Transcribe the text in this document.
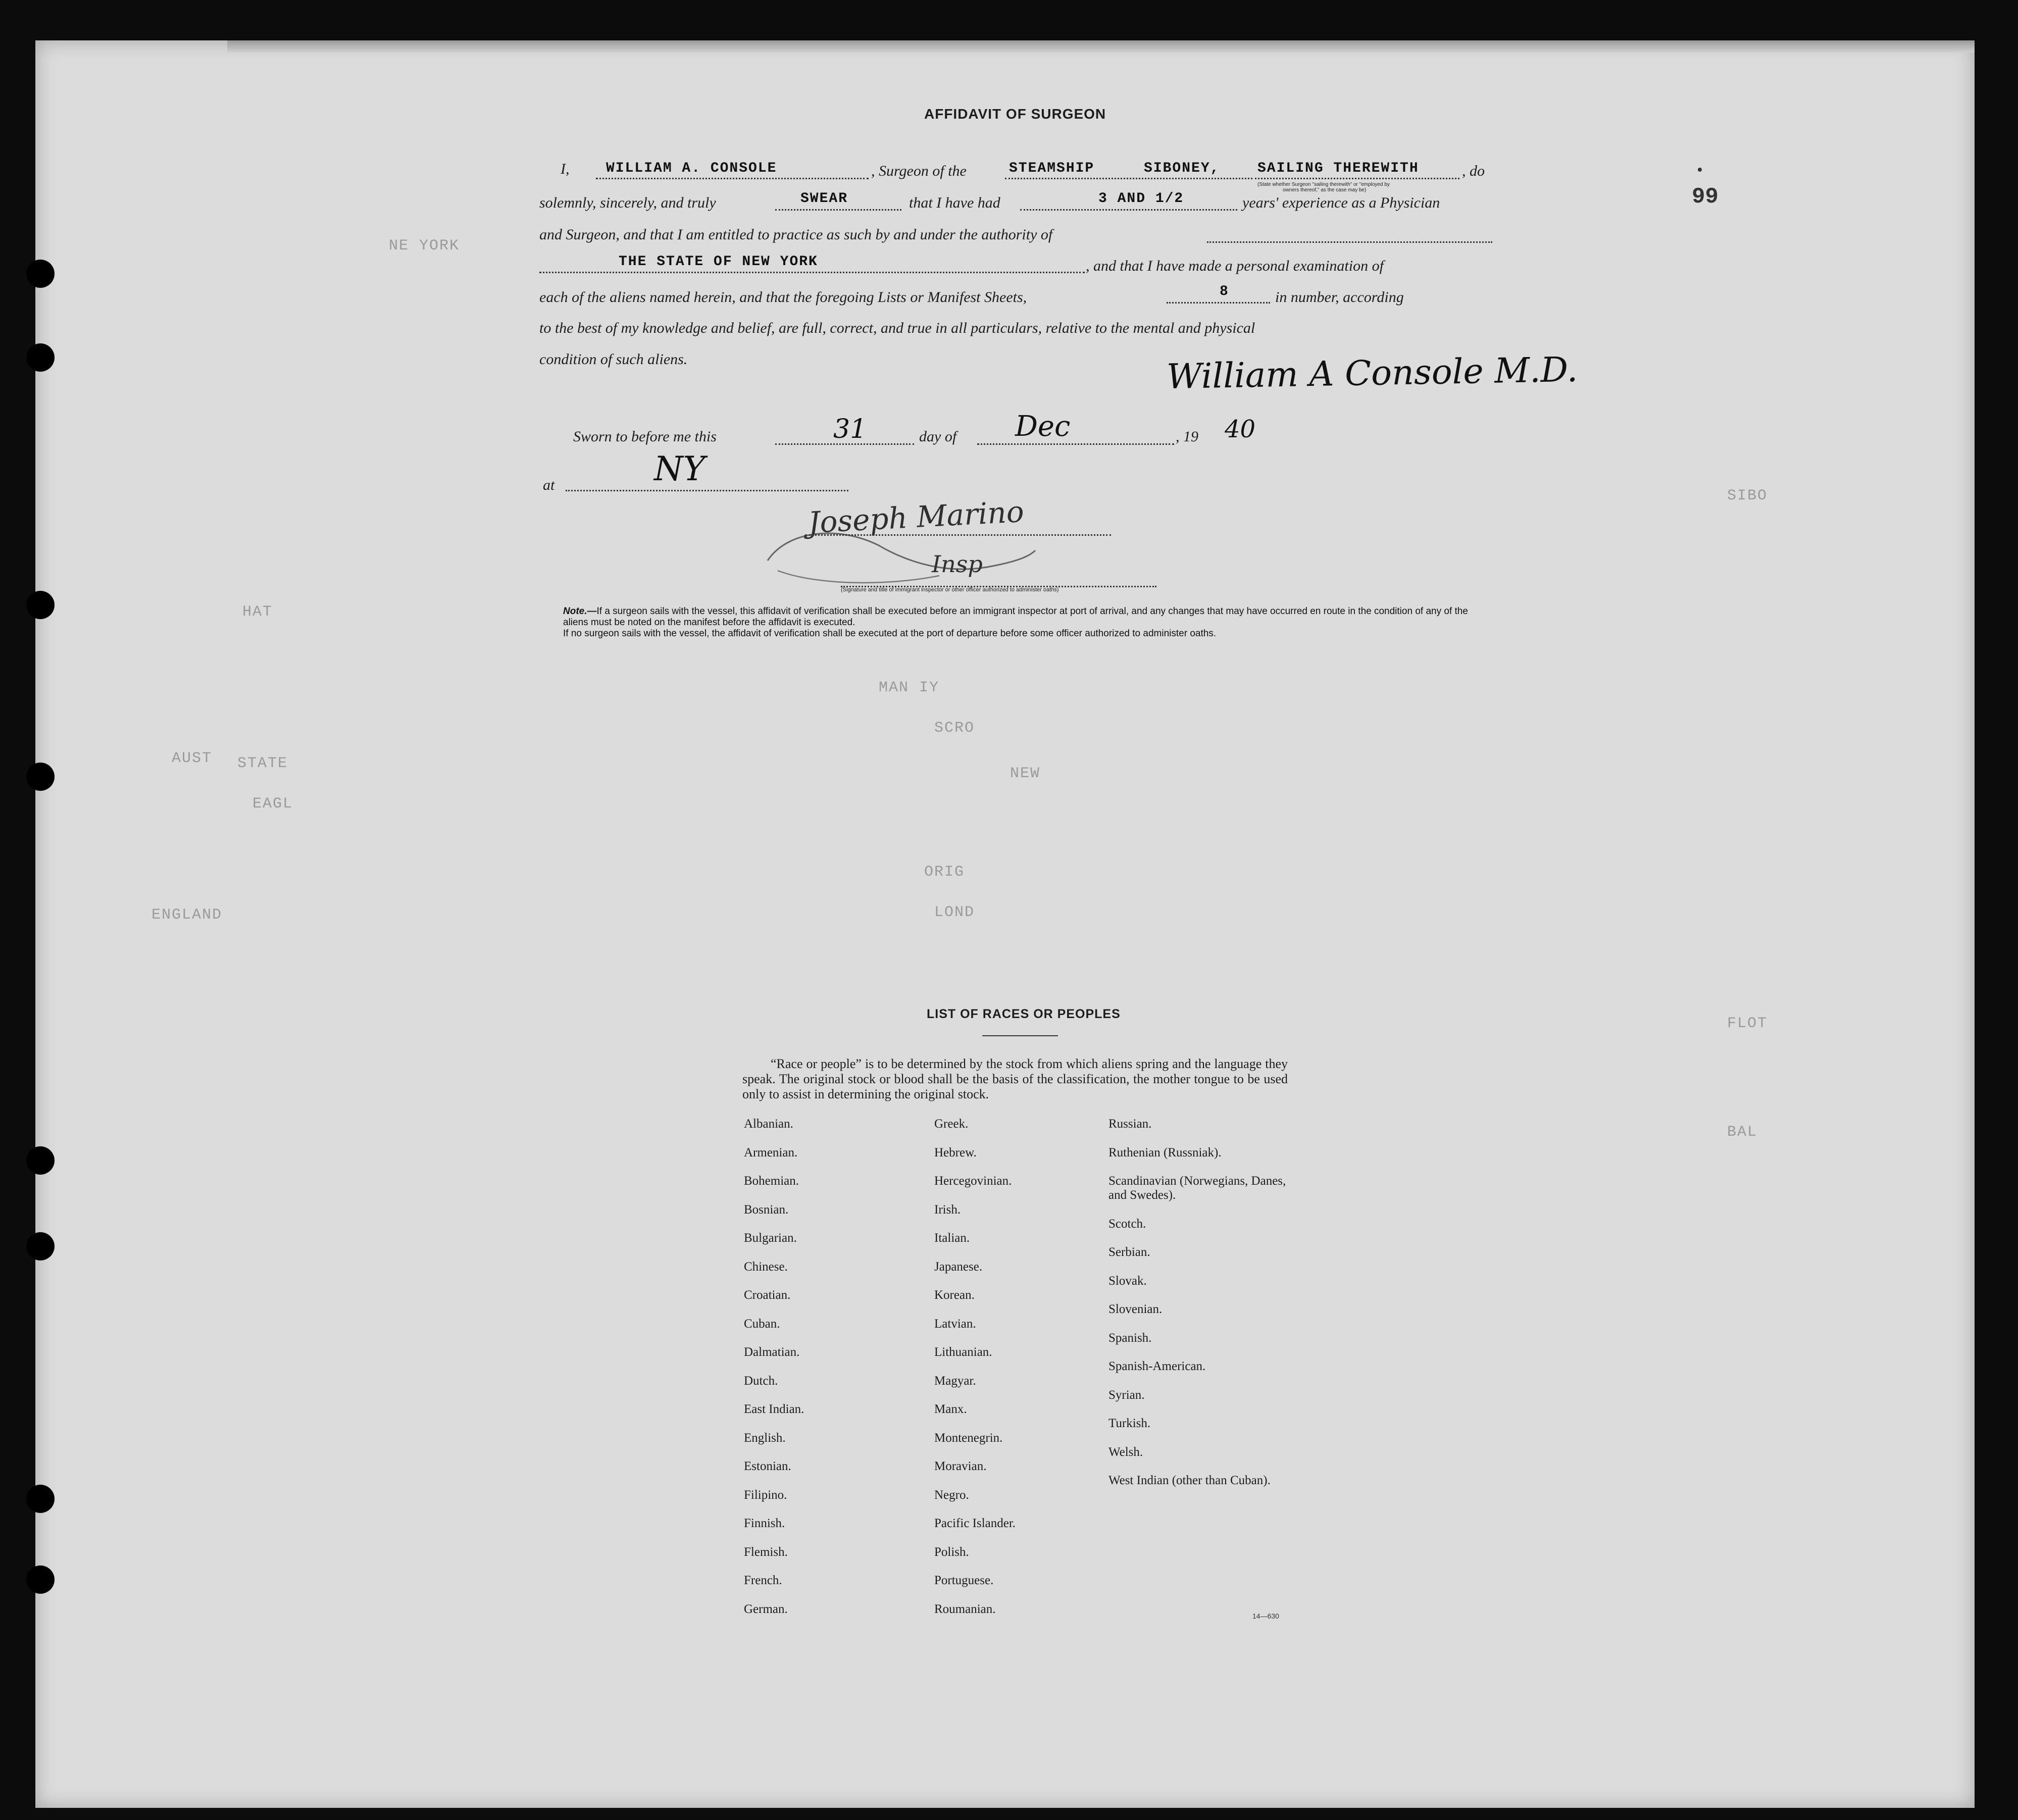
NE YORK
SIBO
HAT
MAN IY
SCRO
AUST
EAGL
ENGLAND	LOND
ORIG
STATE
NEW
FLOT
BAL
•
99
AFFIDAVIT OF SURGEON
I,	WILLIAM A. CONSOLE	, Surgeon of the	STEAMSHIP	SIBONEY,	SAILING THEREWITH	, do
(State whether Surgeon "sailing therewith" or "employed by
owners thereof," as the case may be)
solemnly, sincerely, and truly	SWEAR	that I have had	3 AND 1/2	years' experience as a Physician
and Surgeon, and that I am entitled to practice as such by and under the authority of
THE STATE OF NEW YORK	, and that I have made a personal examination of
each of the aliens named herein, and that the foregoing Lists or Manifest Sheets,	8	in number, according
to the best of my knowledge and belief, are full, correct, and true in all particulars, relative to the mental and physical
condition of such aliens.	William A Console M.D.
Sworn to before me this	31	day of Dec	, 19 40
at	NY
Joseph Marino
Insp
(Signature and title of immigrant inspector or other officer authorized to administer oaths)
Note.—If a surgeon sails with the vessel, this affidavit of verification shall be executed before an immigrant inspector at port of arrival, and any changes that may have occurred en route in the condition of any of the aliens must be noted on the manifest before the affidavit is executed.
If no surgeon sails with the vessel, the affidavit of verification shall be executed at the port of departure before some officer authorized to administer oaths.
LIST OF RACES OR PEOPLES
“Race or people” is to be determined by the stock from which aliens spring and the language they speak. The original stock or blood shall be the basis of the classification, the mother tongue to be used only to assist in determining the original stock.
Albanian.
Armenian.
Bohemian.
Bosnian.
Bulgarian.
Chinese.
Croatian.
Cuban.
Dalmatian.
Dutch.
East Indian.
English.
Estonian.
Filipino.
Finnish.
Flemish.
French.
German.
Greek.
Hebrew.
Hercegovinian.
Irish.
Italian.
Japanese.
Korean.
Latvian.
Lithuanian.
Magyar.
Manx.
Montenegrin.
Moravian.
Negro.
Pacific Islander.
Polish.
Portuguese.
Roumanian.
Russian.
Ruthenian (Russniak).
Scandinavian (Norwegians, Danes, and Swedes).
Scotch.
Serbian.
Slovak.
Slovenian.
Spanish.
Spanish-American.
Syrian.
Turkish.
Welsh.
West Indian (other than Cuban).
14—630
